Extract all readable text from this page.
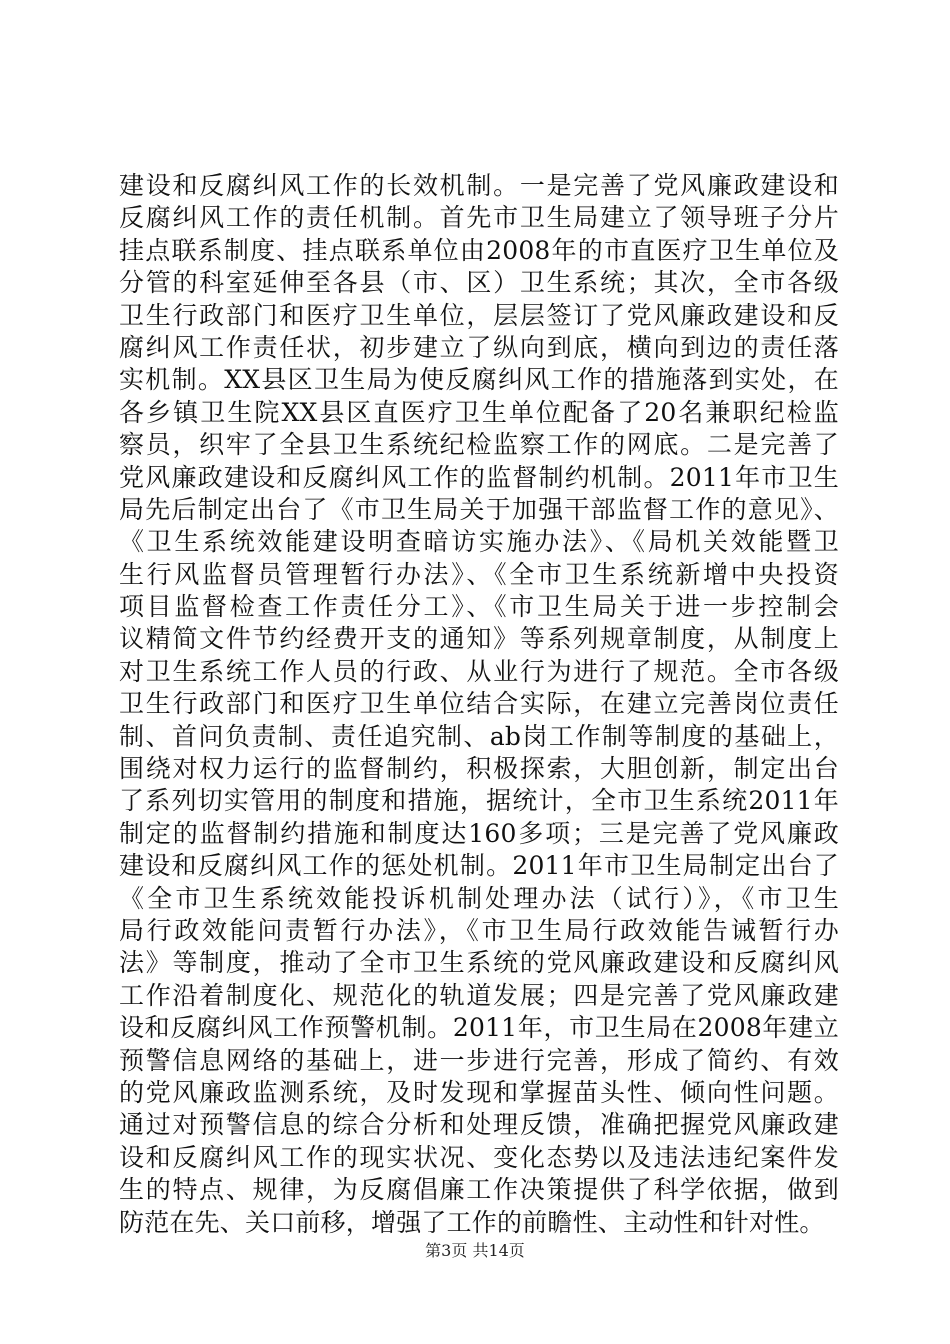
建设和反腐纠风工作的长效机制。一是完善了党风廉政建设和
反腐纠风工作的责任机制。首先市卫生局建立了领导班子分片
挂点联系制度、挂点联系单位由2008年的市直医疗卫生单位及
分管的科室延伸至各县（市、区）卫生系统；其次，全市各级
卫生行政部门和医疗卫生单位，层层签订了党风廉政建设和反
腐纠风工作责任状，初步建立了纵向到底，横向到边的责任落
实机制。XX县区卫生局为使反腐纠风工作的措施落到实处，在
各乡镇卫生院XX县区直医疗卫生单位配备了20名兼职纪检监
察员，织牢了全县卫生系统纪检监察工作的网底。二是完善了
党风廉政建设和反腐纠风工作的监督制约机制。2011年市卫生
局先后制定出台了《市卫生局关于加强干部监督工作的意见》、
《卫生系统效能建设明查暗访实施办法》、《局机关效能暨卫
生行风监督员管理暂行办法》、《全市卫生系统新增中央投资
项目监督检查工作责任分工》、《市卫生局关于进一步控制会
议精简文件节约经费开支的通知》等系列规章制度，从制度上
对卫生系统工作人员的行政、从业行为进行了规范。全市各级
卫生行政部门和医疗卫生单位结合实际，在建立完善岗位责任
制、首问负责制、责任追究制、ab岗工作制等制度的基础上，
围绕对权力运行的监督制约，积极探索，大胆创新，制定出台
了系列切实管用的制度和措施，据统计，全市卫生系统2011年
制定的监督制约措施和制度达160多项；三是完善了党风廉政
建设和反腐纠风工作的惩处机制。2011年市卫生局制定出台了
《全市卫生系统效能投诉机制处理办法（试行）》，《市卫生
局行政效能问责暂行办法》，《市卫生局行政效能告诫暂行办
法》等制度，推动了全市卫生系统的党风廉政建设和反腐纠风
工作沿着制度化、规范化的轨道发展；四是完善了党风廉政建
设和反腐纠风工作预警机制。2011年，市卫生局在2008年建立
预警信息网络的基础上，进一步进行完善，形成了简约、有效
的党风廉政监测系统，及时发现和掌握苗头性、倾向性问题。
通过对预警信息的综合分析和处理反馈，准确把握党风廉政建
设和反腐纠风工作的现实状况、变化态势以及违法违纪案件发
生的特点、规律，为反腐倡廉工作决策提供了科学依据，做到
防范在先、关口前移，增强了工作的前瞻性、主动性和针对性。
第3页 共14页
